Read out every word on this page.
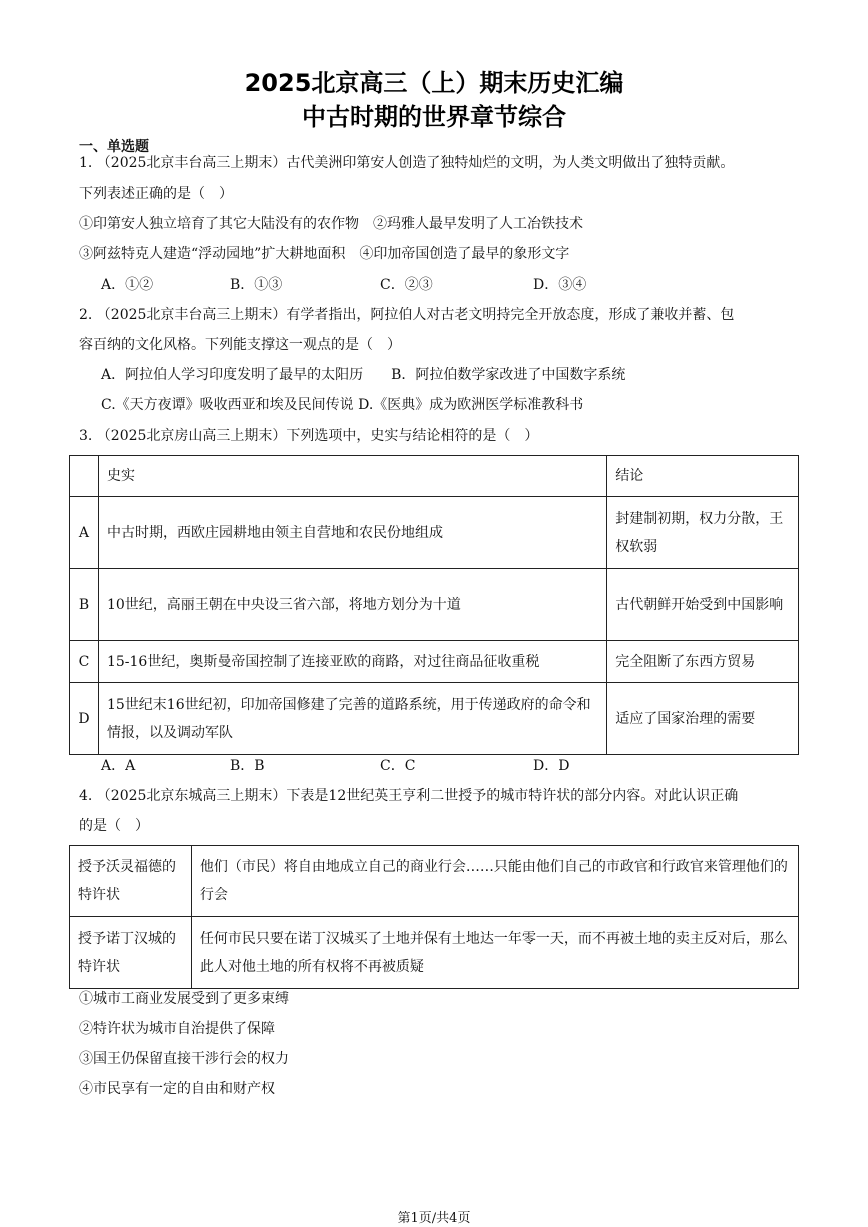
2025北京高三（上）期末历史汇编
中古时期的世界章节综合
一、单选题
1. （2025北京丰台高三上期末）古代美洲印第安人创造了独特灿烂的文明，为人类文明做出了独特贡献。
下列表述正确的是（　）
①印第安人独立培育了其它大陆没有的农作物　②玛雅人最早发明了人工冶铁技术
③阿兹特克人建造“浮动园地”扩大耕地面积　④印加帝国创造了最早的象形文字
A．①②	B．①③	C．②③	D．③④
2. （2025北京丰台高三上期末）有学者指出，阿拉伯人对古老文明持完全开放态度，形成了兼收并蓄、包
容百纳的文化风格。下列能支撑这一观点的是（　）
A．阿拉伯人学习印度发明了最早的太阳历　　B．阿拉伯数学家改进了中国数字系统
C.《天方夜谭》吸收西亚和埃及民间传说 D.《医典》成为欧洲医学标准教科书
3. （2025北京房山高三上期末）下列选项中，史实与结论相符的是（　）
	史实	结论
A	中古时期，西欧庄园耕地由领主自营地和农民份地组成	封建制初期，权力分散，王权软弱
B	10世纪，高丽王朝在中央设三省六部，将地方划分为十道	古代朝鲜开始受到中国影响
C	15-16世纪，奥斯曼帝国控制了连接亚欧的商路，对过往商品征收重税	完全阻断了东西方贸易
D	15世纪末16世纪初，印加帝国修建了完善的道路系统，用于传递政府的命令和情报，以及调动军队	适应了国家治理的需要
A．A	B．B	C．C	D．D
4. （2025北京东城高三上期末）下表是12世纪英王亨利二世授予的城市特许状的部分内容。对此认识正确
的是（　）
授予沃灵福德的特许状	他们（市民）将自由地成立自己的商业行会……只能由他们自己的市政官和行政官来管理他们的行会
授予诺丁汉城的特许状	任何市民只要在诺丁汉城买了土地并保有土地达一年零一天，而不再被土地的卖主反对后，那么此人对他土地的所有权将不再被质疑
①城市工商业发展受到了更多束缚
②特许状为城市自治提供了保障
③国王仍保留直接干涉行会的权力
④市民享有一定的自由和财产权
第1页/共4页
